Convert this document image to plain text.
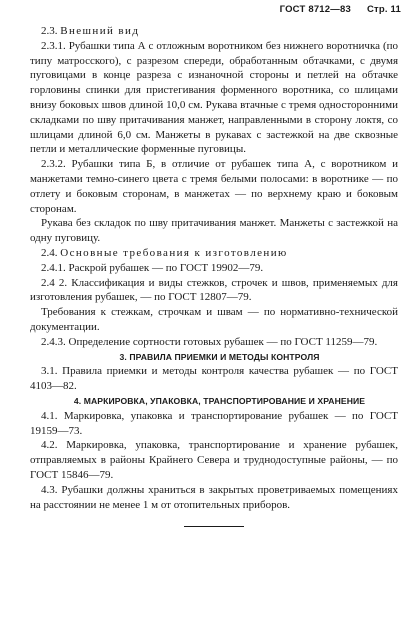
ГОСТ 8712—83 Стр. 11

2.3. Внешний вид

2.3.1. Рубашки типа А с отложным воротником без нижнего воротничка (по типу матросского), с разрезом спереди, обработанным обтачками, с двумя пуговицами в конце разреза с изнаночной стороны и петлей на обтачке горловины спинки для пристегивания форменного воротника, со шлицами внизу боковых швов длиной 10,0 см. Рукава втачные с тремя односторонними складками по шву притачивания манжет, направленными в сторону локтя, со шлицами длиной 6,0 см. Манжеты в рукавах с застежкой на две сквозные петли и металлические форменные пуговицы.

2.3.2. Рубашки типа Б, в отличие от рубашек типа А, с воротником и манжетами темно-синего цвета с тремя белыми полосами: в воротнике — по отлету и боковым сторонам, в манжетах — по верхнему краю и боковым сторонам.

Рукава без складок по шву притачивания манжет. Манжеты с застежкой на одну пуговицу.

2.4. Основные требования к изготовлению

2.4.1. Раскрой рубашек — по ГОСТ 19902—79.

2.4 2. Классификация и виды стежков, строчек и швов, применяемых для изготовления рубашек, — по ГОСТ 12807—79.

Требования к стежкам, строчкам и швам — по нормативно-технической документации.

2.4.3. Определение сортности готовых рубашек — по ГОСТ 11259—79.

3. ПРАВИЛА ПРИЕМКИ И МЕТОДЫ КОНТРОЛЯ

3.1. Правила приемки и методы контроля качества рубашек — по ГОСТ 4103—82.

4. МАРКИРОВКА, УПАКОВКА, ТРАНСПОРТИРОВАНИЕ И ХРАНЕНИЕ

4.1. Маркировка, упаковка и транспортирование рубашек — по ГОСТ 19159—73.

4.2. Маркировка, упаковка, транспортирование и хранение рубашек, отправляемых в районы Крайнего Севера и труднодоступные районы, — по ГОСТ 15846—79.

4.3. Рубашки должны храниться в закрытых проветриваемых помещениях на расстоянии не менее 1 м от отопительных приборов.
